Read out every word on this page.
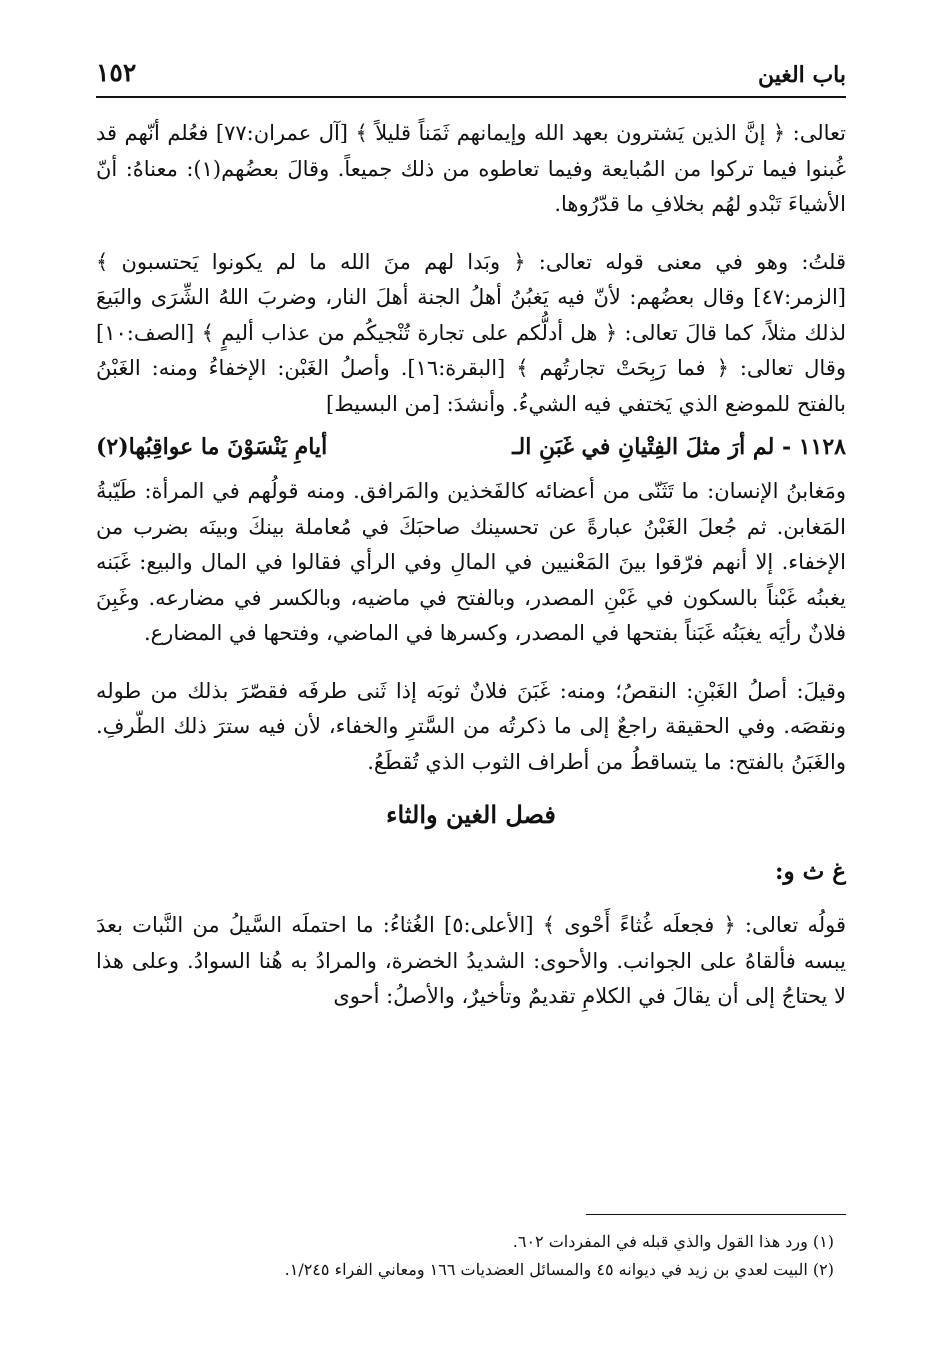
باب الغين
١٥٢

تعالى: ﴿ إنَّ الذين يَشترون بعهد الله وإيمانهم ثَمَناً قليلاً ﴾ [آل عمران:٧٧] فعُلم أنّهم قد غُبنوا فيما تركوا من المُبايعة وفيما تعاطوه من ذلك جميعاً. وقالَ بعضُهم(١): معناهُ: أنّ الأشياءَ تَبْدو لهُم بخلافِ ما قدّرُوها.

قلتُ: وهو في معنى قوله تعالى: ﴿ وبَدا لهم منَ الله ما لم يكونوا يَحتسبون ﴾ [الزمر:٤٧] وقال بعضُهم: لأنّ فيه يَغبُنُ أهلُ الجنة أهلَ النار، وضربَ اللهُ الشِّرَى والبَيعَ لذلك مثلاً، كما قالَ تعالى: ﴿ هل أدلُّكم على تجارة تُنْجيكُم من عذاب أليمٍ ﴾ [الصف:١٠] وقال تعالى: ﴿ فما رَبِحَتْ تجارتُهم ﴾ [البقرة:١٦]. وأصلُ الغَبْن: الإخفاءُ ومنه: الغَبْنُ بالفتح للموضع الذي يَختفي فيه الشيءُ. وأنشدَ: [من البسيط]

١١٢٨ - لم أرَ مثلَ الفِتْيانِ في غَبَنِ الـ
أيامِ يَنْسَوْنَ ما عواقِبُها(٢)

ومَغابنُ الإنسان: ما تَثَنّى من أعضائه كالفَخذين والمَرافق. ومنه قولُهم في المرأة: طَيّبةُ المَغابن. ثم جُعلَ الغَبْنُ عبارةً عن تحسينك صاحبَكَ في مُعاملة بينكَ وبينَه بضرب من الإخفاء. إلا أنهم فرّقوا بينَ المَعْنيين في المالِ وفي الرأي فقالوا في المال والبيع: غَبَنه يغبنُه غَبْناً بالسكون في غَبْنِ المصدر، وبالفتح في ماضيه، وبالكسر في مضارعه. وغَبِنَ فلانٌ رأيَه يغبَنُه غَبَناً بفتحها في المصدر، وكسرها في الماضي، وفتحها في المضارع.

وقيلَ: أصلُ الغَبْنِ: النقصُ؛ ومنه: غَبَنَ فلانٌ ثوبَه إذا ثَنى طرفَه فقصّرَ بذلك من طوله ونقصَه. وفي الحقيقة راجعٌ إلى ما ذكرتُه من السَّترِ والخفاء، لأن فيه سترَ ذلك الطّرفِ. والغَبَنُ بالفتح: ما يتساقطُ من أطراف الثوب الذي تُقطَعُ.

فصل الغين والثاء
غ ث و:

قولُه تعالى: ﴿ فجعلَه غُثاءً أَحْوى ﴾ [الأعلى:٥] الغُثاءُ: ما احتملَه السَّيلُ من النَّبات بعدَ يبسه فألقاهُ على الجوانب. والأحوى: الشديدُ الخضرة، والمرادُ به هُنا السوادُ. وعلى هذا لا يحتاجُ إلى أن يقالَ في الكلامِ تقديمٌ وتأخيرٌ، والأصلُ: أحوى

(١) ورد هذا القول والذي قبله في المفردات ٦٠٢.
(٢) البيت لعدي بن زيد في ديوانه ٤٥ والمسائل العضديات ١٦٦ ومعاني الفراء ١/٢٤٥.
